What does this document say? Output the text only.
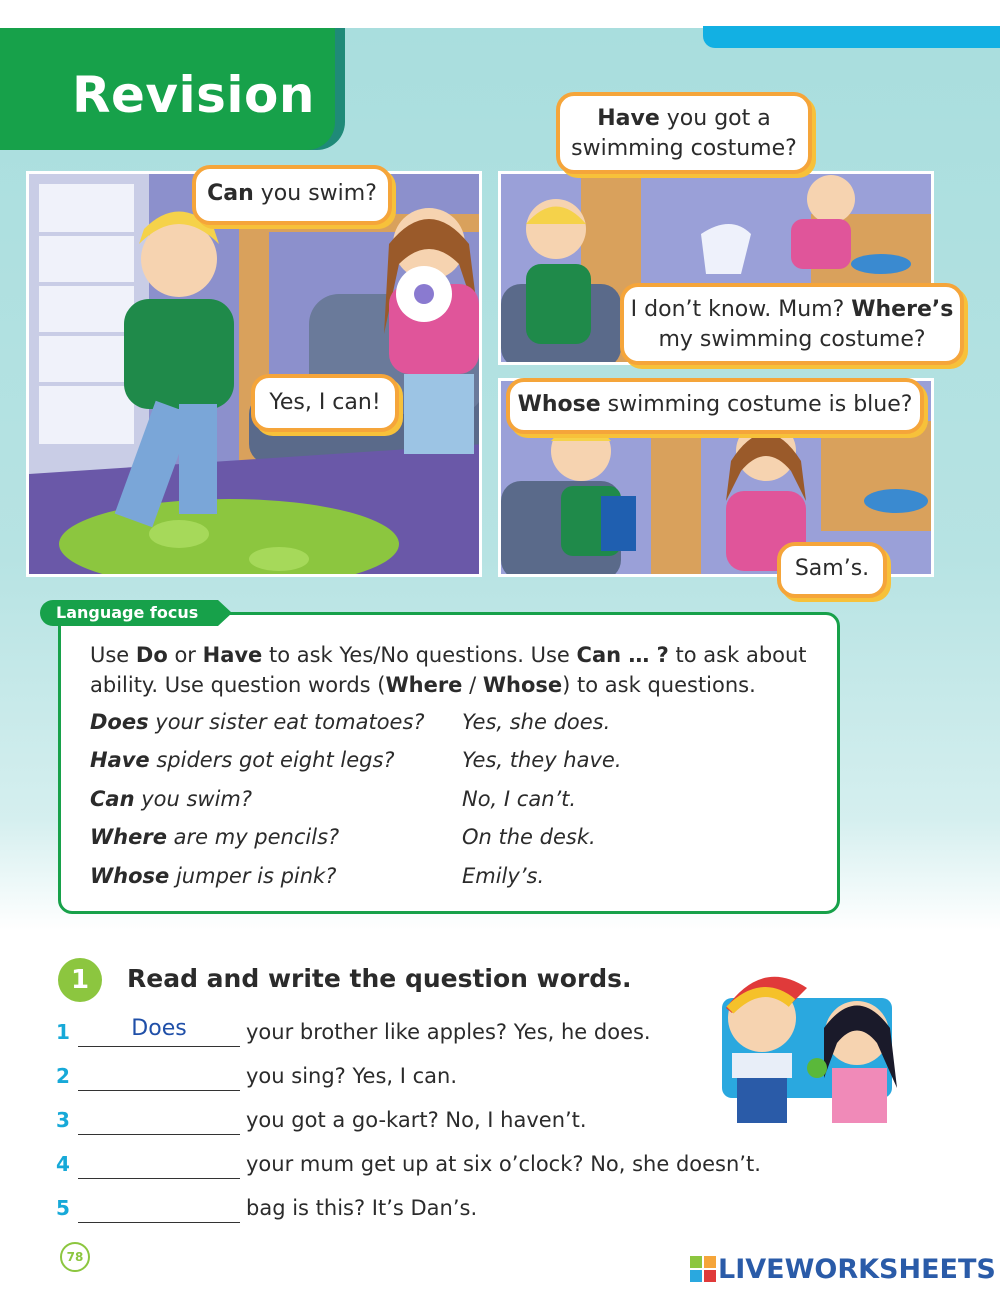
Revision
Can you swim?
Yes, I can!
Have you got a
swimming costume?
I don’t know. Mum? Where’s
my swimming costume?
Whose swimming costume is blue?
Sam’s.
Language focus
Use Do or Have to ask Yes/No questions. Use Can … ? to ask about ability. Use question words (Where / Whose) to ask questions.
Does your sister eat tomatoes? Yes, she does.
Have spiders got eight legs?	Yes, they have.
Can you swim?	No, I can’t.
Where are my pencils?	On the desk.
Whose jumper is pink?	Emily’s.
1	Read and write the question words.
1	Does	your brother like apples? Yes, he does.
2	you sing? Yes, I can.
3	you got a go-kart? No, I haven’t.
4	your mum get up at six o’clock? No, she doesn’t.
5	bag is this? It’s Dan’s.
78	LIVEWORKSHEETS
